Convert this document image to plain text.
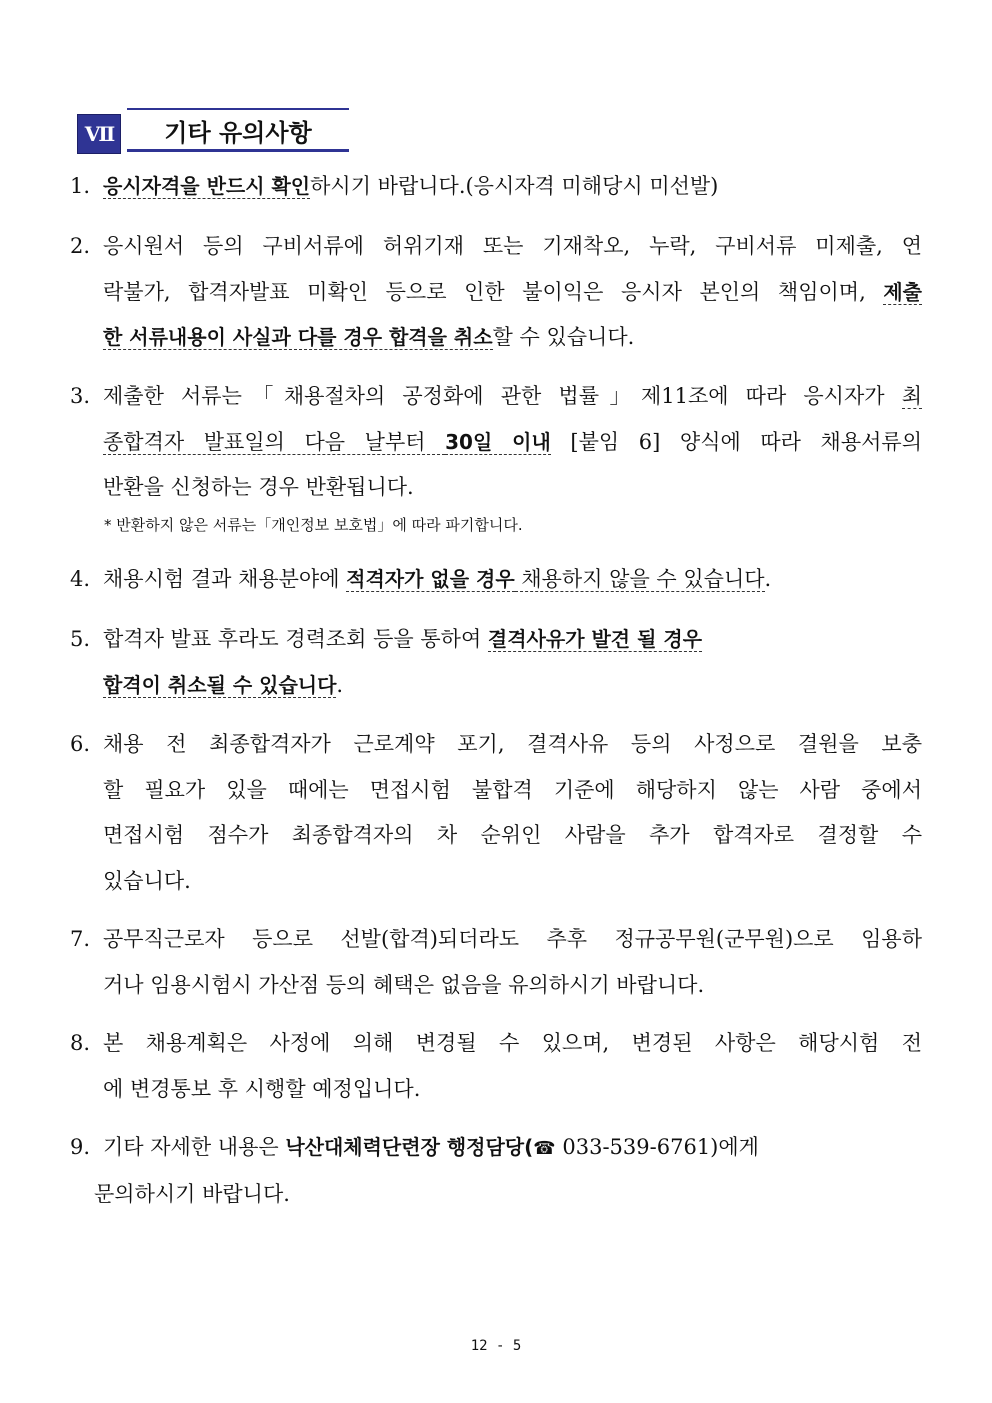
Ⅶ	기타 유의사항
1. 응시자격을 반드시 확인하시기 바랍니다.(응시자격 미해당시 미선발)
2. 응시원서 등의 구비서류에 허위기재 또는 기재착오, 누락, 구비서류 미제출, 연
락불가, 합격자발표 미확인 등으로 인한 불이익은 응시자 본인의 책임이며, 제출
한 서류내용이 사실과 다를 경우 합격을 취소할 수 있습니다.
3. 제출한 서류는「채용절차의 공정화에 관한 법률」제11조에 따라 응시자가 최
종합격자 발표일의 다음 날부터 30일 이내 [붙임 6] 양식에 따라 채용서류의
반환을 신청하는 경우 반환됩니다.
* 반환하지 않은 서류는「개인정보 보호법」에 따라 파기합니다.
4. 채용시험 결과 채용분야에 적격자가 없을 경우 채용하지 않을 수 있습니다.
5. 합격자 발표 후라도 경력조회 등을 통하여 결격사유가 발견 될 경우
합격이 취소될 수 있습니다.
6. 채용 전 최종합격자가 근로계약 포기, 결격사유 등의 사정으로 결원을 보충
할 필요가 있을 때에는 면접시험 불합격 기준에 해당하지 않는 사람 중에서
면접시험 점수가 최종합격자의 차 순위인 사람을 추가 합격자로 결정할 수
있습니다.
7. 공무직근로자 등으로 선발(합격)되더라도 추후 정규공무원(군무원)으로 임용하
거나 임용시험시 가산점 등의 혜택은 없음을 유의하시기 바랍니다.
8. 본 채용계획은 사정에 의해 변경될 수 있으며, 변경된 사항은 해당시험 전
에 변경통보 후 시행할 예정입니다.
9. 기타 자세한 내용은 낙산대체력단련장 행정담당(☎ 033-539-6761)에게
문의하시기 바랍니다.
12 - 5
